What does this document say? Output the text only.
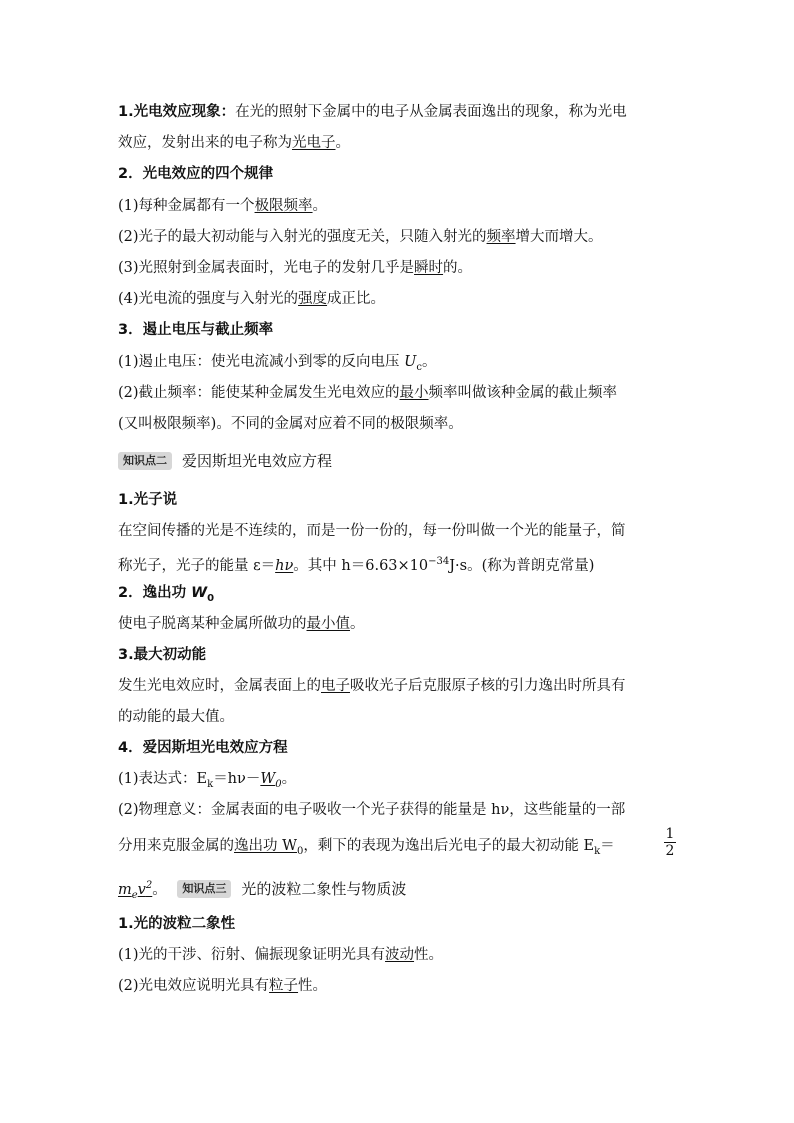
1.光电效应现象：在光的照射下金属中的电子从金属表面逸出的现象，称为光电
效应，发射出来的电子称为光电子。
2．光电效应的四个规律
(1)每种金属都有一个极限频率。
(2)光子的最大初动能与入射光的强度无关，只随入射光的频率增大而增大。
(3)光照射到金属表面时，光电子的发射几乎是瞬时的。
(4)光电流的强度与入射光的强度成正比。
3．遏止电压与截止频率
(1)遏止电压：使光电流减小到零的反向电压 $U_c$。
(2)截止频率：能使某种金属发生光电效应的最小频率叫做该种金属的截止频率
(又叫极限频率)。不同的金属对应着不同的极限频率。
知识点二 爱因斯坦光电效应方程
1.光子说
在空间传播的光是不连续的，而是一份一份的，每一份叫做一个光的能量子，简
称光子，光子的能量 ε＝hν。其中 $h=6.63\times 10^{-34}J\cdot s$。(称为普朗克常量)
2．逸出功 $W_0$
使电子脱离某种金属所做功的最小值。
3.最大初动能
发生光电效应时，金属表面上的电子吸收光子后克服原子核的引力逸出时所具有
的动能的最大值。
4．爱因斯坦光电效应方程
(1)表达式：$E_k=h\nu-W_0$。
(2)物理意义：金属表面的电子吸收一个光子获得的能量是 hν，这些能量的一部
分用来克服金属的逸出功 $W_0$，剩下的表现为逸出后光电子的最大初动能 $E_k=$	$\frac{1}{2}$
$m_ev^2$。 知识点三 光的波粒二象性与物质波
1.光的波粒二象性
(1)光的干涉、衍射、偏振现象证明光具有波动性。
(2)光电效应说明光具有粒子性。
